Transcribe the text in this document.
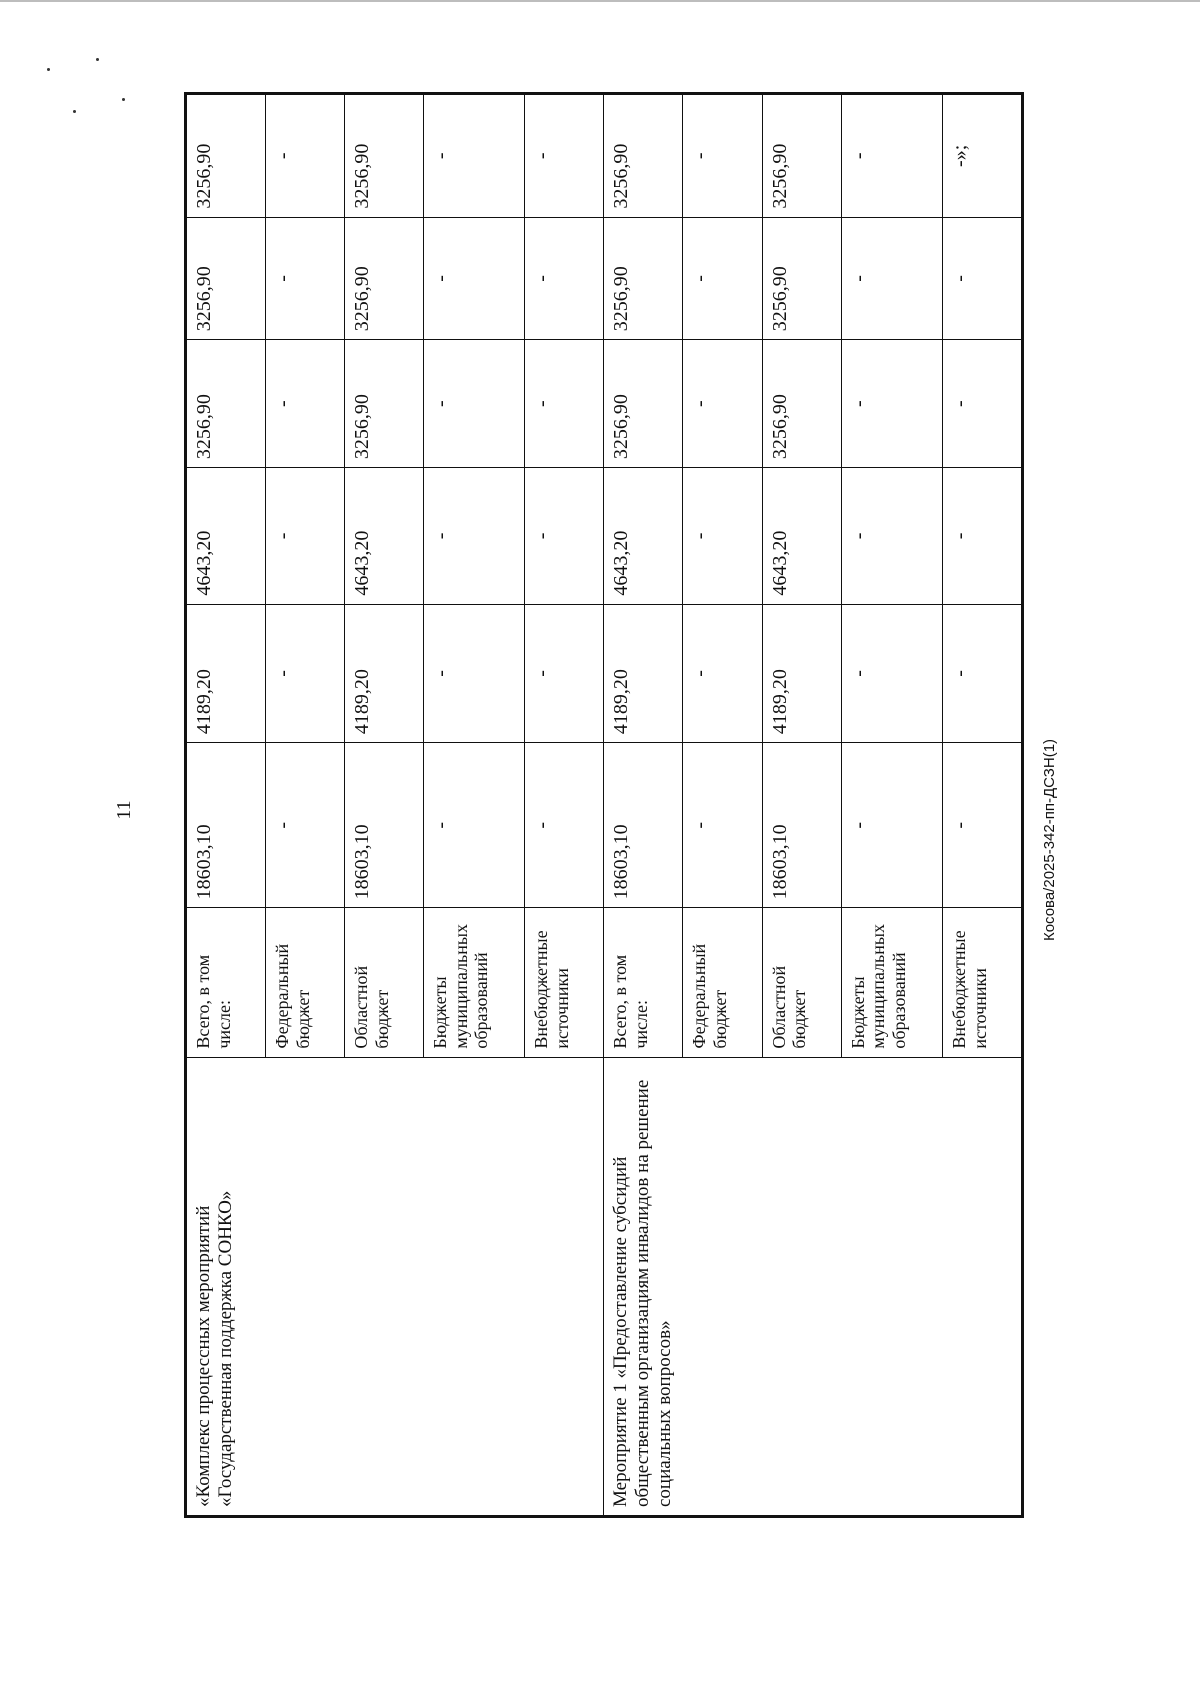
11	Косова/2025-342-пп-ДСЗН(1)
«Комплекс процессных мероприятий «Государственная поддержка СОНКО»	Всего, в том числе:	18603,10	4189,20	4643,20	3256,90	3256,90	3256,90
	Федеральный бюджет	-	-	-	-	-	-
	Областной бюджет	18603,10	4189,20	4643,20	3256,90	3256,90	3256,90
	Бюджеты муниципальных образований	-	-	-	-	-	-
	Внебюджетные источники	-	-	-	-	-	-
Мероприятие 1 «Предоставление субсидий общественным организациям инвалидов на решение социальных вопросов»	Всего, в том числе:	18603,10	4189,20	4643,20	3256,90	3256,90	3256,90
	Федеральный бюджет	-	-	-	-	-	-
	Областной бюджет	18603,10	4189,20	4643,20	3256,90	3256,90	3256,90
	Бюджеты муниципальных образований	-	-	-	-	-	-
	Внебюджетные источники	-	-	-	-	-	-»;
